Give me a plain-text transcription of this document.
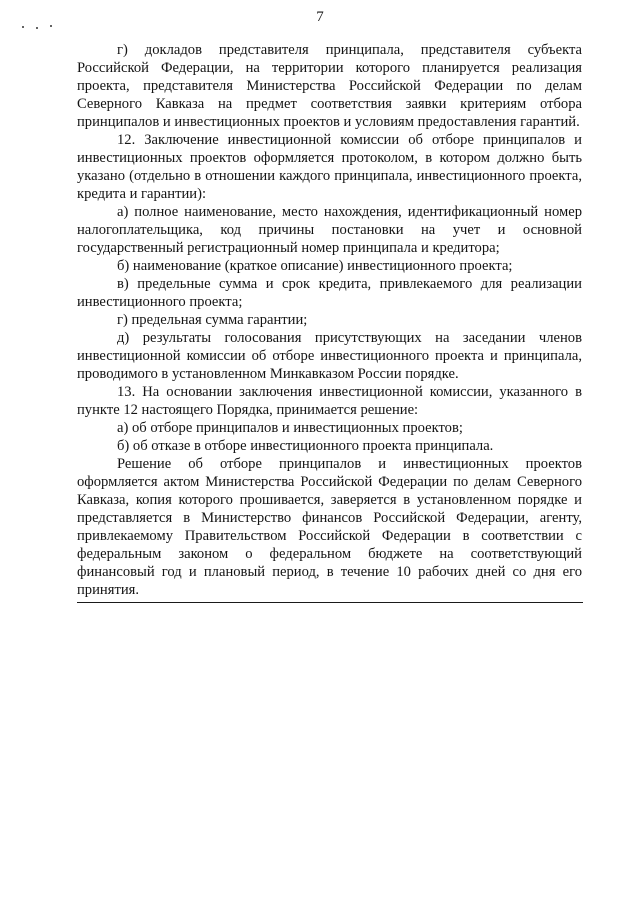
7

г) докладов представителя принципала, представителя субъекта Российской Федерации, на территории которого планируется реализация проекта, представителя Министерства Российской Федерации по делам Северного Кавказа на предмет соответствия заявки критериям отбора принципалов и инвестиционных проектов и условиям предоставления гарантий.

12. Заключение инвестиционной комиссии об отборе принципалов и инвестиционных проектов оформляется протоколом, в котором должно быть указано (отдельно в отношении каждого принципала, инвестиционного проекта, кредита и гарантии):

а) полное наименование, место нахождения, идентификационный номер налогоплательщика, код причины постановки на учет и основной государственный регистрационный номер принципала и кредитора;

б) наименование (краткое описание) инвестиционного проекта;

в) предельные сумма и срок кредита, привлекаемого для реализации инвестиционного проекта;

г) предельная сумма гарантии;

д) результаты голосования присутствующих на заседании членов инвестиционной комиссии об отборе инвестиционного проекта и принципала, проводимого в установленном Минкавказом России порядке.

13. На основании заключения инвестиционной комиссии, указанного в пункте 12 настоящего Порядка, принимается решение:

а) об отборе принципалов и инвестиционных проектов;

б) об отказе в отборе инвестиционного проекта принципала.

Решение об отборе принципалов и инвестиционных проектов оформляется актом Министерства Российской Федерации по делам Северного Кавказа, копия которого прошивается, заверяется в установленном порядке и представляется в Министерство финансов Российской Федерации, агенту, привлекаемому Правительством Российской Федерации в соответствии с федеральным законом о федеральном бюджете на соответствующий финансовый год и плановый период, в течение 10 рабочих дней со дня его принятия.
